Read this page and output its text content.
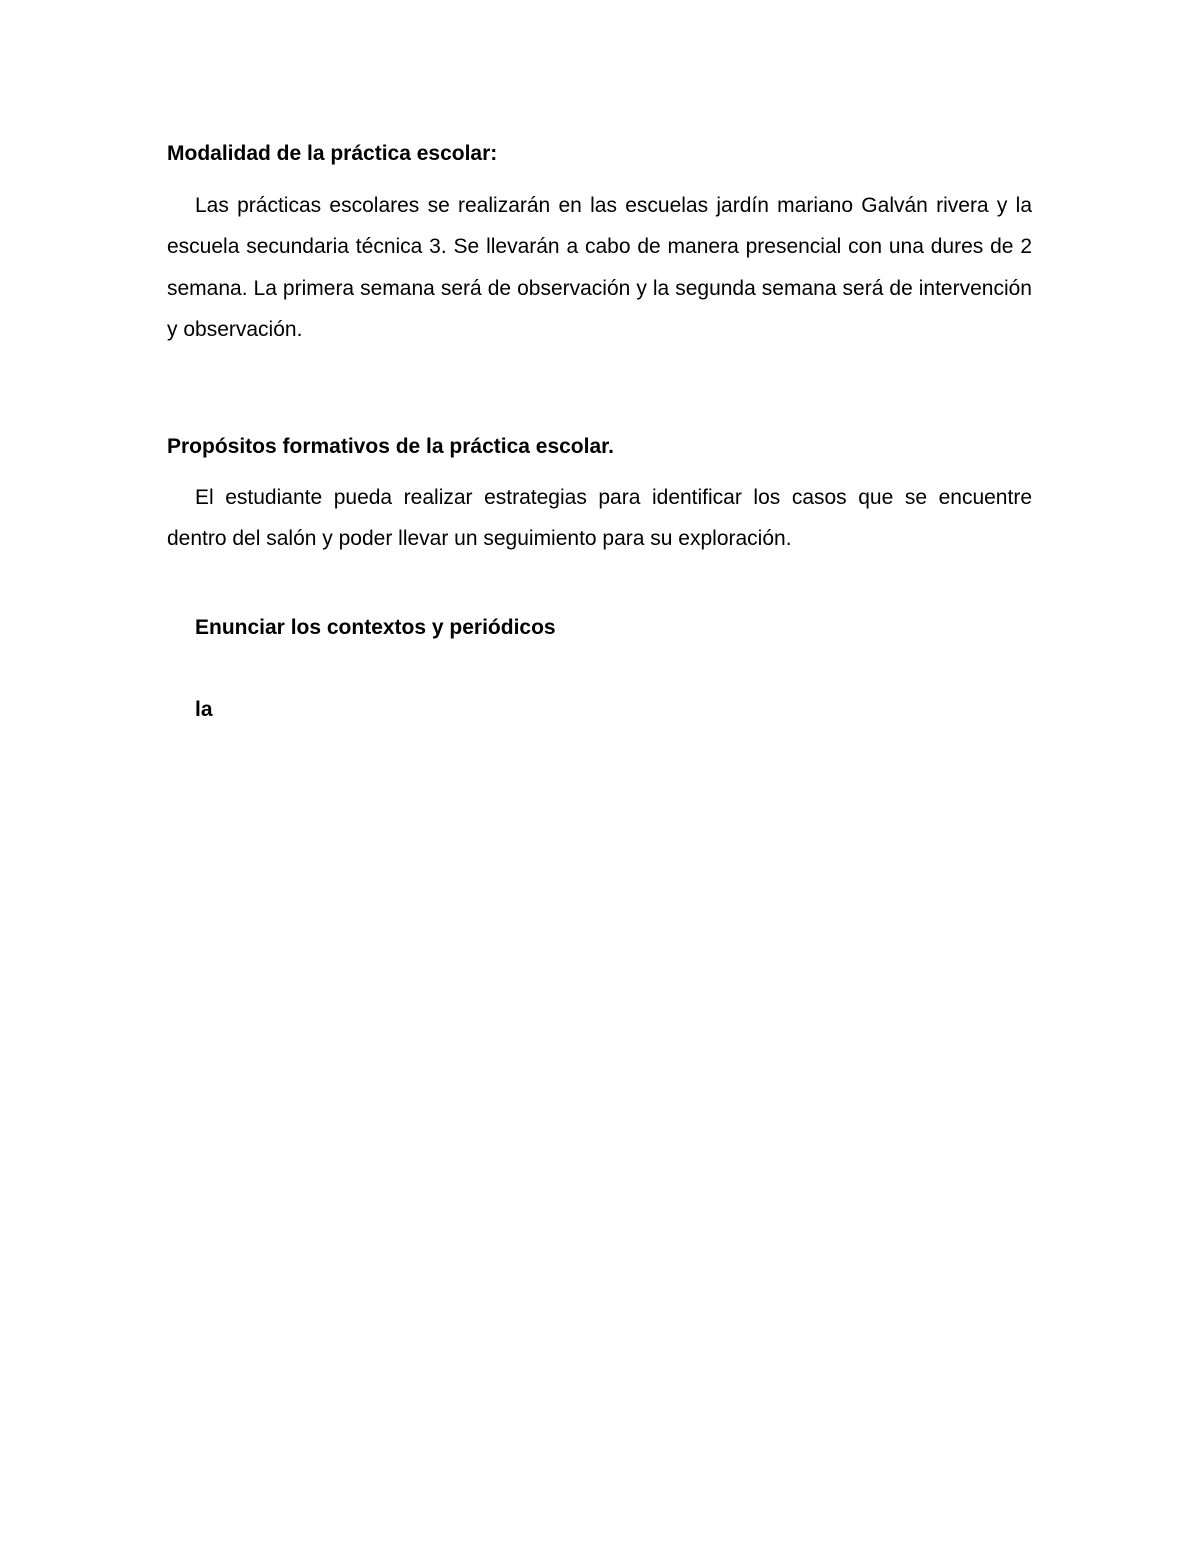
Modalidad de la práctica escolar:

Las prácticas escolares se realizarán en las escuelas jardín mariano Galván rivera y la escuela secundaria técnica 3. Se llevarán a cabo de manera presencial con una dures de 2 semana. La primera semana será de observación y la segunda semana será de intervención y observación.

Propósitos formativos de la práctica escolar.

El estudiante pueda realizar estrategias para identificar los casos que se encuentre dentro del salón y poder llevar un seguimiento para su exploración.

Enunciar los contextos y periódicos

la
